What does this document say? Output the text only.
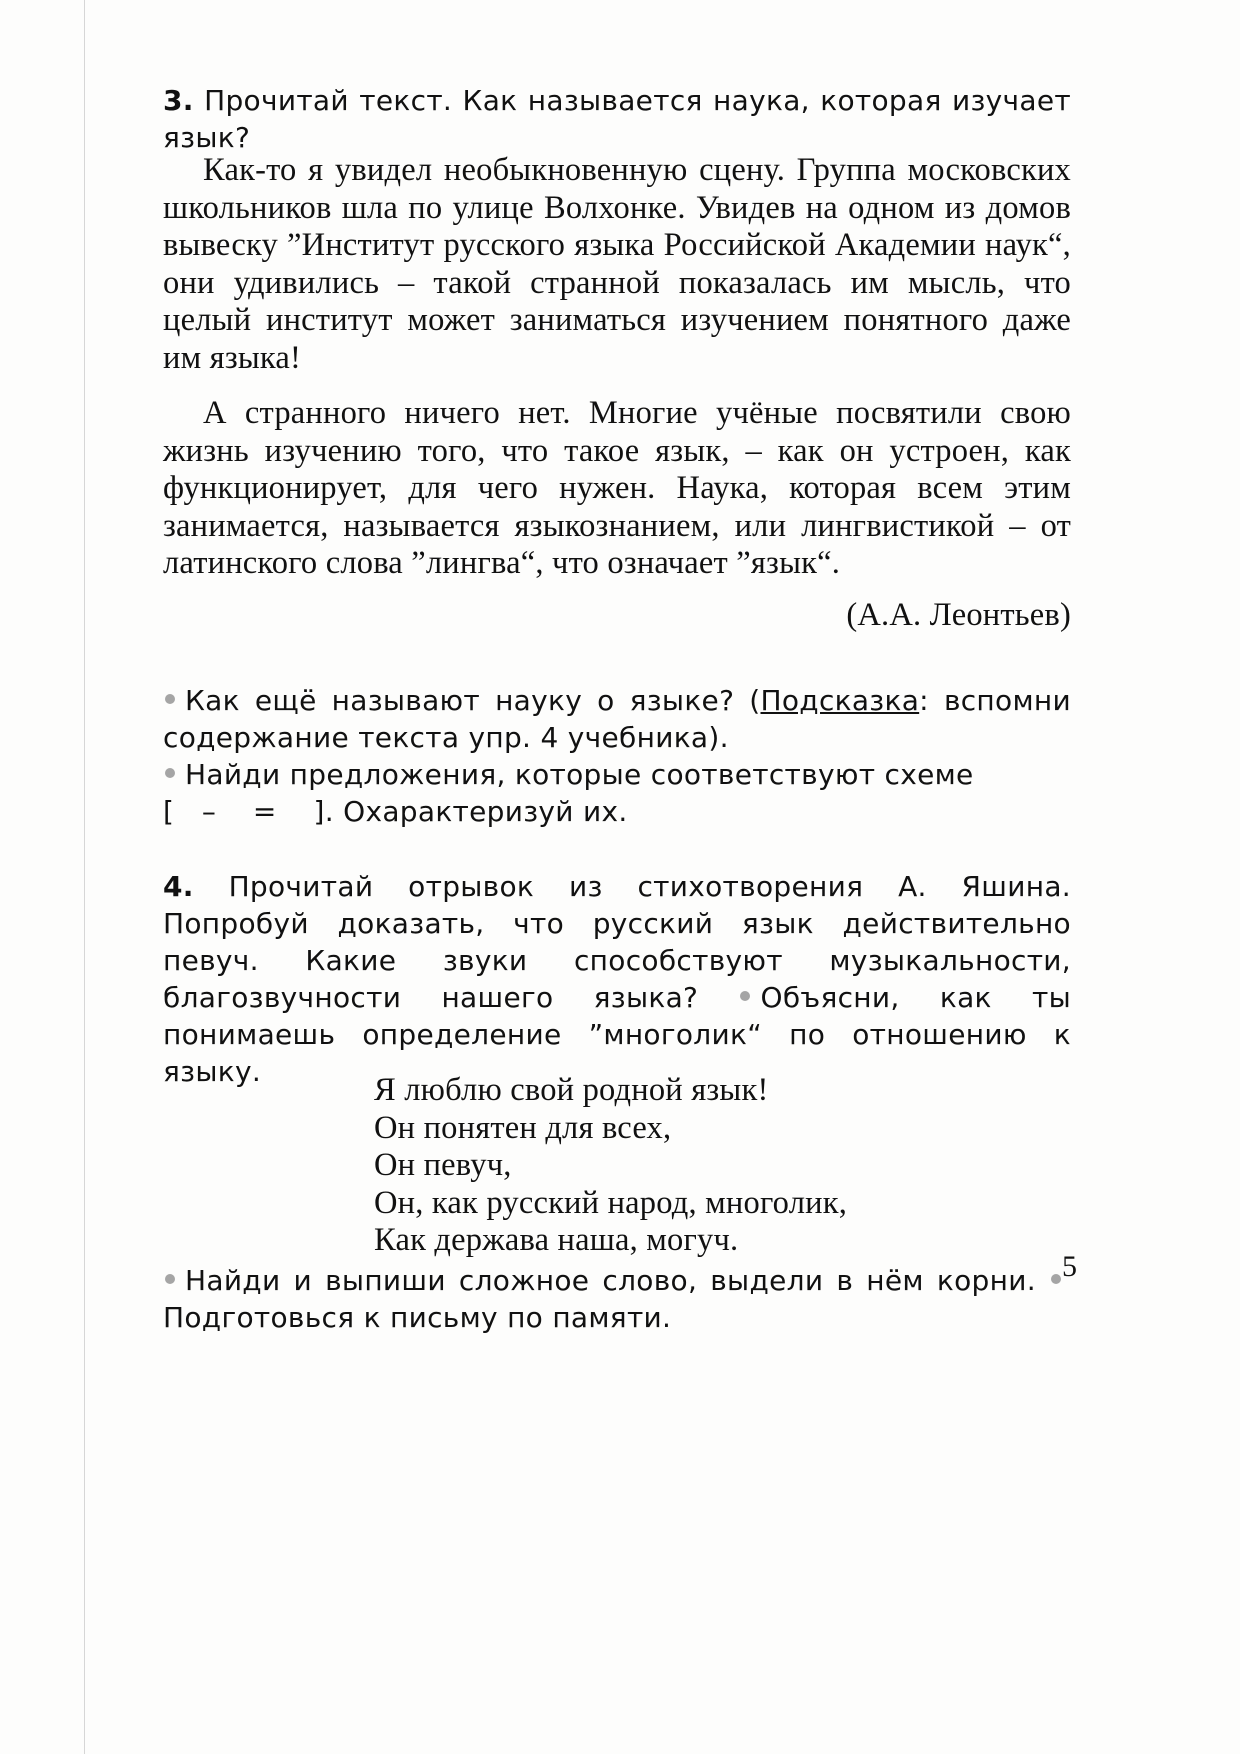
3. Прочитай текст. Как называется наука, которая изучает язык?

Как-то я увидел необыкновенную сцену. Группа московских школьников шла по улице Волхонке. Увидев на одном из домов вывеску ”Институт русского языка Российской Академии наук“, они удивились – такой странной показалась им мысль, что целый институт может заниматься изучением понятного даже им языка!

А странного ничего нет. Многие учёные посвятили свою жизнь изучению того, что такое язык, – как он устроен, как функционирует, для чего нужен. Наука, которая всем этим занимается, называется языкознанием, или лингвистикой – от латинского слова ”лингва“, что означает ”язык“.

(А.А. Леонтьев)

Как ещё называют науку о языке? (Подсказка: вспомни содержание текста упр. 4 учебника).

Найди предложения, которые соответствуют схеме
[   –    =    ]. Охарактеризуй их.

4. Прочитай отрывок из стихотворения А. Яшина. Попробуй доказать, что русский язык действительно певуч. Какие звуки способствуют музыкальности, благозвучности нашего языка? Объясни, как ты понимаешь определение ”многолик“ по отношению к языку.

Я люблю свой родной язык!
Он понятен для всех,
Он певуч,
Он, как русский народ, многолик,
Как держава наша, могуч.

Найди и выпиши сложное слово, выдели в нём корни. Подготовься к письму по памяти.

5
